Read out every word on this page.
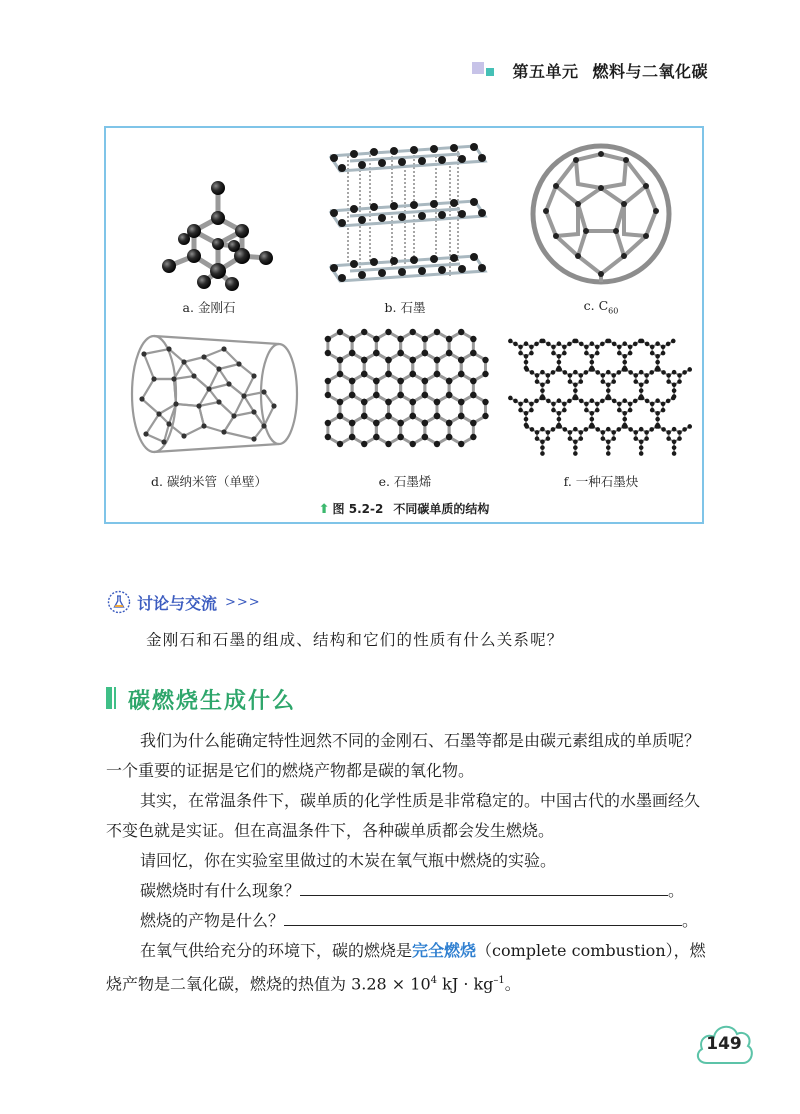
第五单元 燃料与二氧化碳
a. 金刚石	b. 石墨	c. $C_{60}$
d. 碳纳米管（单壁）	e. 石墨烯	f. 一种石墨炔
⬆ 图 5.2-2 不同碳单质的结构
讨论与交流 >>>
金刚石和石墨的组成、结构和它们的性质有什么关系呢？
碳燃烧生成什么

我们为什么能确定特性迥然不同的金刚石、石墨等都是由碳元素组成的单质呢？一个重要的证据是它们的燃烧产物都是碳的氧化物。

其实，在常温条件下，碳单质的化学性质是非常稳定的。中国古代的水墨画经久不变色就是实证。但在高温条件下，各种碳单质都会发生燃烧。

请回忆，你在实验室里做过的木炭在氧气瓶中燃烧的实验。

碳燃烧时有什么现象？	。

燃烧的产物是什么？	。

在氧气供给充分的环境下，碳的燃烧是完全燃烧（complete combustion），燃烧产物是二氧化碳，燃烧的热值为 $3.28 \times 10^4$ kJ · $kg^{-1}$。

149
